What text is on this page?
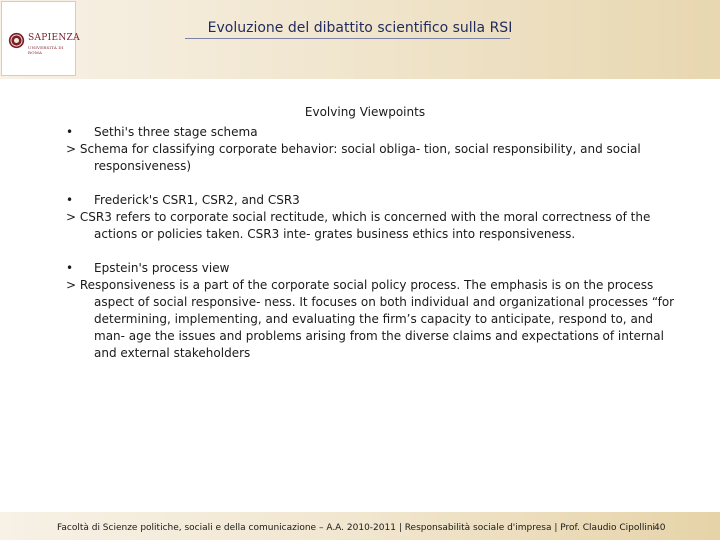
SAPIENZA
UNIVERSITÀ DI ROMA
Evoluzione del dibattito scientifico sulla RSI
Evolving Viewpoints
• Sethi's three stage schema

> Schema for classifying corporate behavior: social obliga- tion, social responsibility, and social responsiveness)

• Frederick's CSR1, CSR2, and CSR3

> CSR3 refers to corporate social rectitude, which is concerned with the moral correctness of the actions or policies taken. CSR3 inte- grates business ethics into responsiveness.

• Epstein's process view

> Responsiveness is a part of the corporate social policy process. The emphasis is on the process aspect of social responsive- ness. It focuses on both individual and organizational processes “for determining, implementing, and evaluating the firm’s capacity to anticipate, respond to, and man- age the issues and problems arising from the diverse claims and expectations of internal and external stakeholders

Facoltà di Scienze politiche, sociali e della comunicazione – A.A. 2010-2011 | Responsabilità sociale d'impresa | Prof. Claudio Cipollini
40
